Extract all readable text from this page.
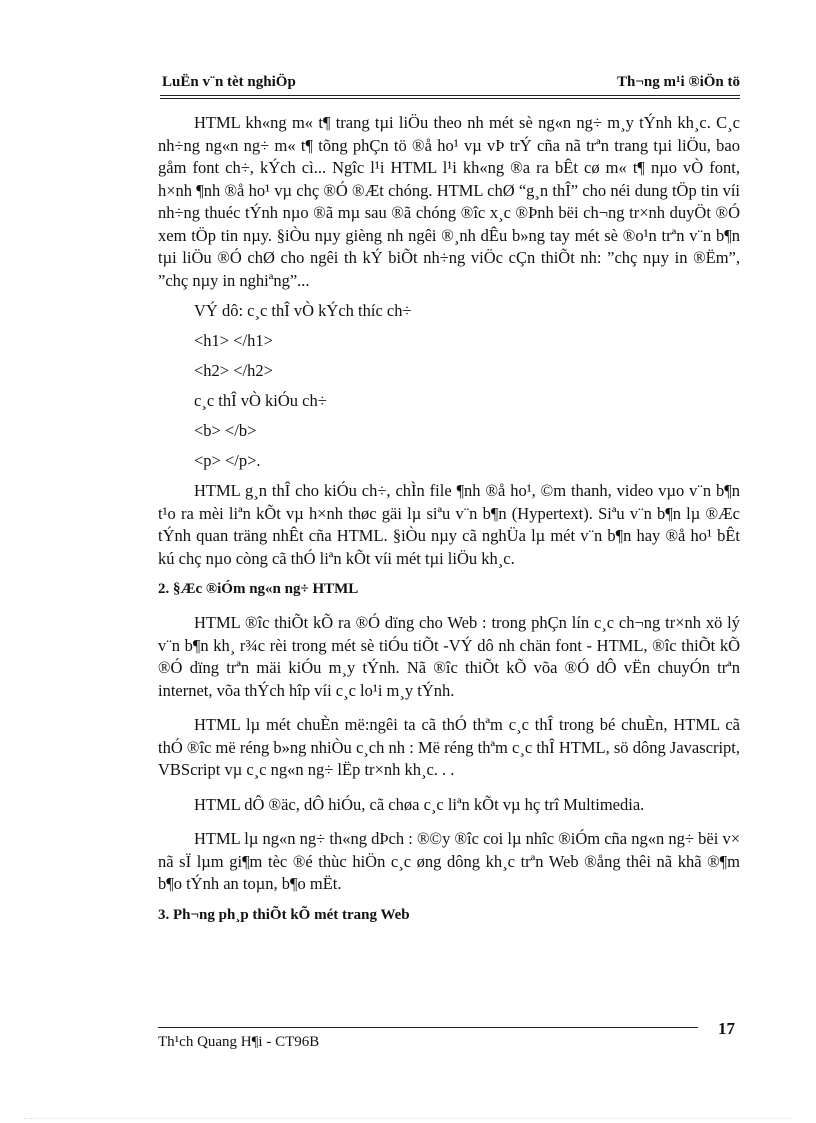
LuËn v¨n tèt nghiÖp	Th¬ng m¹i ®iÖn tö

HTML kh«ng m« t¶ trang tµi liÖu theo nh mét sè ng«n ng÷ m¸y tÝnh kh¸c. C¸c nh÷ng ng«n ng÷ m« t¶ tõng phÇn tö ®å ho¹ vµ vÞ trÝ cña nã trªn trang tµi liÖu, bao gåm font ch÷, kÝch cì... Ngîc l¹i HTML l¹i kh«ng ®a ra bÊt cø m« t¶ nµo vÒ font, h×nh ¶nh ®å ho¹ vµ chç ®Ó ®Æt chóng. HTML chØ “g¸n thÎ” cho néi dung tÖp tin víi nh÷ng thuéc tÝnh nµo ®ã mµ sau ®ã chóng ®îc x¸c ®Þnh bëi ch¬ng tr×nh duyÖt ®Ó xem tÖp tin nµy. §iÒu nµy gièng nh ngêi ®¸nh dÊu b»ng tay mét sè ®o¹n trªn v¨n b¶n tµi liÖu ®Ó chØ cho ngêi th kÝ biÕt nh÷ng viÖc cÇn thiÕt nh: ”chç nµy in ®Ëm”, ”chç nµy in nghiªng”...

VÝ dô: c¸c thÎ vÒ kÝch thíc ch÷

<h1> </h1>

<h2> </h2>

c¸c thÎ vÒ kiÓu ch÷

<b> </b>

<p> </p>.

HTML g¸n thÎ cho kiÓu ch÷, chÌn file ¶nh ®å ho¹, ©m thanh, video vµo v¨n b¶n t¹o ra mèi liªn kÕt vµ h×nh thøc gäi lµ siªu v¨n b¶n (Hypertext). Siªu v¨n b¶n lµ ®Æc tÝnh quan träng nhÊt cña HTML. §iÒu nµy cã nghÜa lµ mét v¨n b¶n hay ®å ho¹ bÊt kú chç nµo còng cã thÓ liªn kÕt víi mét tµi liÖu kh¸c.

2. §Æc ®iÓm ng«n ng÷ HTML

HTML ®îc thiÕt kÕ ra ®Ó dïng cho Web : trong phÇn lín c¸c ch¬ng tr×nh xö lý v¨n b¶n kh¸ r¾c rèi trong mét sè tiÓu tiÕt -VÝ dô nh chän font - HTML, ®îc thiÕt kÕ ®Ó dïng trªn mäi kiÓu m¸y tÝnh. Nã ®îc thiÕt kÕ võa ®Ó dÔ vËn chuyÓn trªn internet, võa thÝch hîp víi c¸c lo¹i m¸y tÝnh.

HTML lµ mét chuÈn më:ngêi ta cã thÓ thªm c¸c thÎ trong bé chuÈn, HTML cã thÓ ®îc më réng b»ng nhiÒu c¸ch nh : Më réng thªm c¸c thÎ HTML, sö dông Javascript, VBScript vµ c¸c ng«n ng÷ lËp tr×nh kh¸c. . .

HTML dÔ ®äc, dÔ hiÓu, cã chøa c¸c liªn kÕt vµ hç trî Multimedia.

HTML lµ ng«n ng÷ th«ng dÞch : ®©y ®îc coi lµ nhîc ®iÓm cña ng«n ng÷ bëi v× nã sÏ lµm gi¶m tèc ®é thùc hiÖn c¸c øng dông kh¸c trªn Web ®ång thêi nã khã ®¶m b¶o tÝnh an toµn, b¶o mËt.

3. Ph¬ng ph¸p thiÕt kÕ mét trang Web

17
Th¹ch Quang H¶i - CT96B
